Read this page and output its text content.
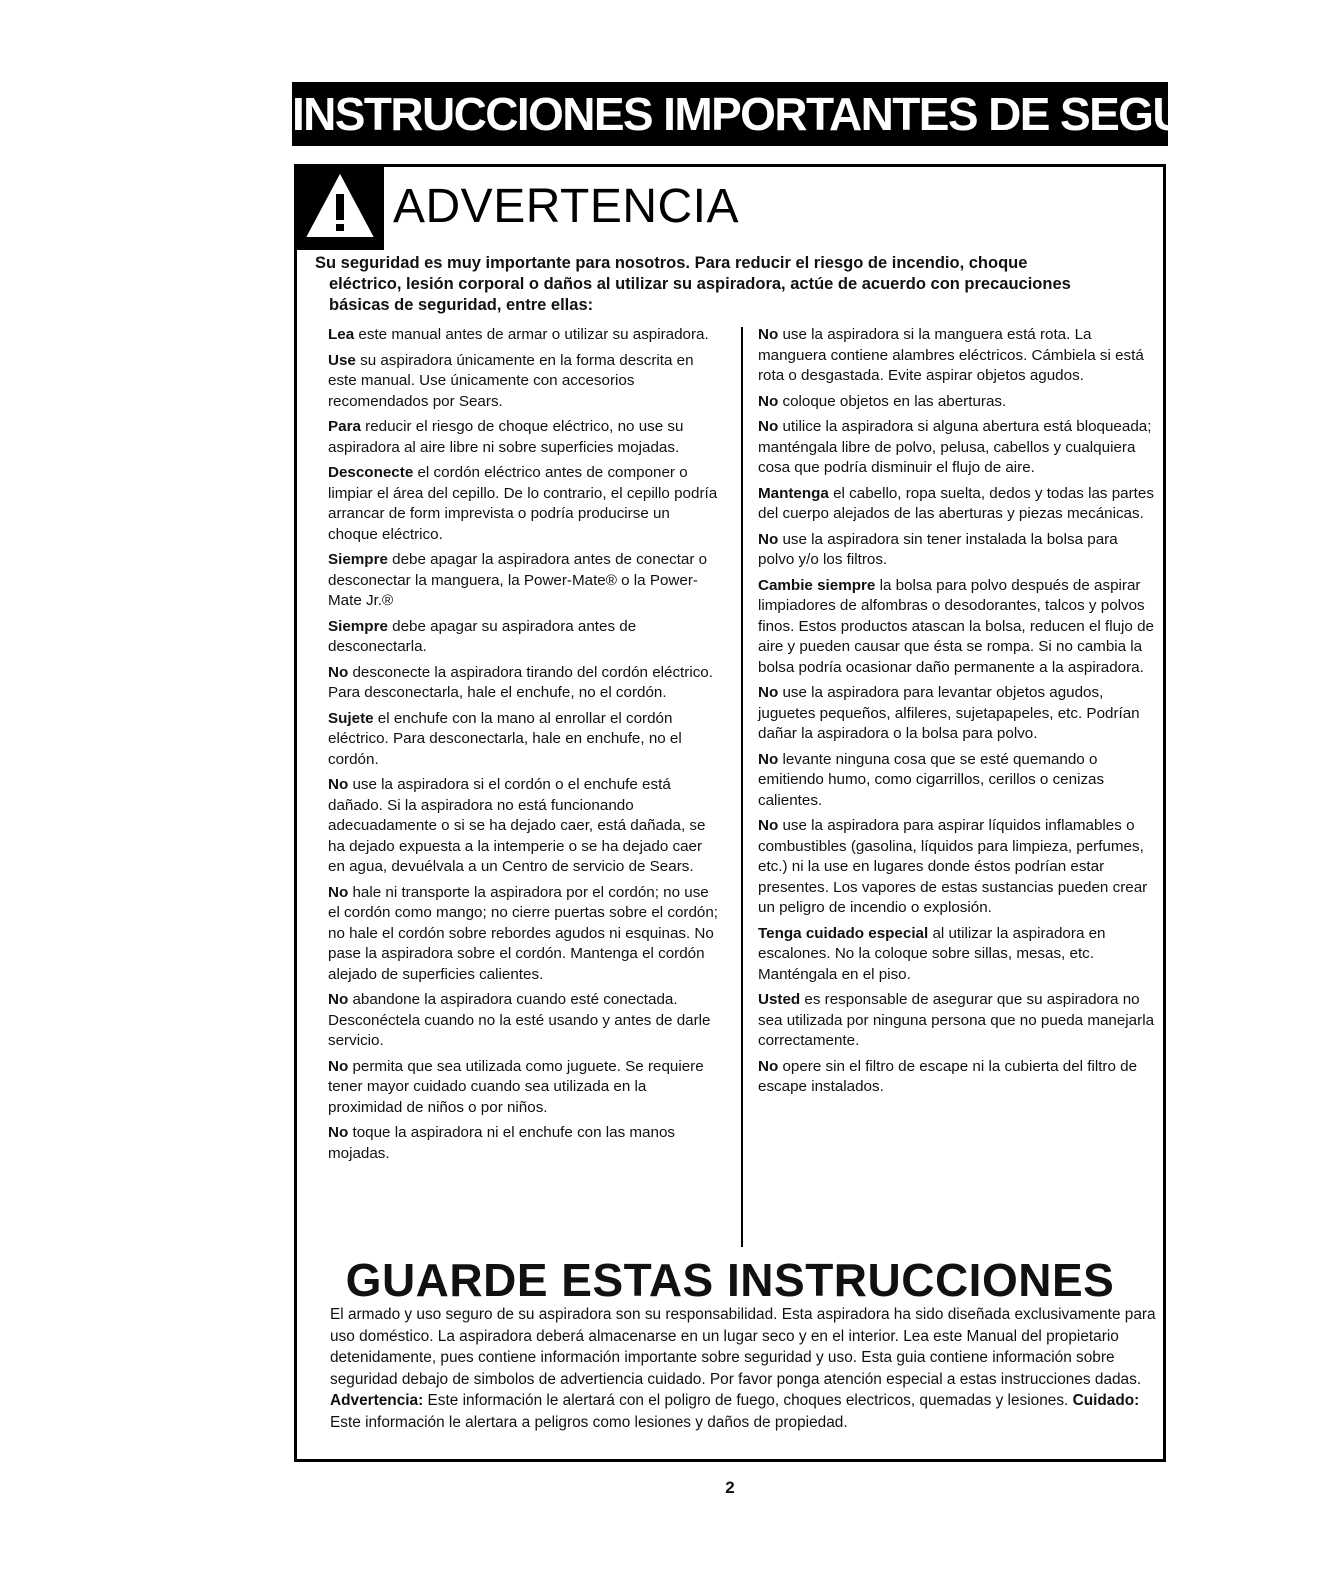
INSTRUCCIONES IMPORTANTES DE SEGURIDAD
ADVERTENCIA

Su seguridad es muy importante para nosotros. Para reducir el riesgo de incendio, choque

eléctrico, lesión corporal o daños al utilizar su aspiradora, actúe de acuerdo con precauciones

básicas de seguridad, entre ellas:

Lea este manual antes de armar o utilizar su aspiradora.

Use su aspiradora únicamente en la forma descrita en este manual. Use únicamente con accesorios recomendados por Sears.

Para reducir el riesgo de choque eléctrico, no use su aspiradora al aire libre ni sobre superficies mojadas.

Desconecte el cordón eléctrico antes de componer o limpiar el área del cepillo. De lo contrario, el cepillo podría arrancar de form imprevista o podría producirse un choque eléctrico.

Siempre debe apagar la aspiradora antes de conectar o desconectar la manguera, la Power-Mate® o la Power-Mate Jr.®

Siempre debe apagar su aspiradora antes de desconectarla.

No desconecte la aspiradora tirando del cordón eléctrico. Para desconectarla, hale el enchufe, no el cordón.

Sujete el enchufe con la mano al enrollar el cordón eléctrico. Para desconectarla, hale en enchufe, no el cordón.

No use la aspiradora si el cordón o el enchufe está dañado. Si la aspiradora no está funcionando adecuadamente o si se ha dejado caer, está dañada, se ha dejado expuesta a la intemperie o se ha dejado caer en agua, devuélvala a un Centro de servicio de Sears.

No hale ni transporte la aspiradora por el cordón; no use el cordón como mango; no cierre puertas sobre el cordón; no hale el cordón sobre rebordes agudos ni esquinas. No pase la aspiradora sobre el cordón. Mantenga el cordón alejado de superficies calientes.

No abandone la aspiradora cuando esté conectada. Desconéctela cuando no la esté usando y antes de darle servicio.

No permita que sea utilizada como juguete. Se requiere tener mayor cuidado cuando sea utilizada en la proximidad de niños o por niños.

No toque la aspiradora ni el enchufe con las manos mojadas.

No use la aspiradora si la manguera está rota. La manguera contiene alambres eléctricos. Cámbiela si está rota o desgastada. Evite aspirar objetos agudos.

No coloque objetos en las aberturas.

No utilice la aspiradora si alguna abertura está bloqueada; manténgala libre de polvo, pelusa, cabellos y cualquiera cosa que podría disminuir el flujo de aire.

Mantenga el cabello, ropa suelta, dedos y todas las partes del cuerpo alejados de las aberturas y piezas mecánicas.

No use la aspiradora sin tener instalada la bolsa para polvo y/o los filtros.

Cambie siempre la bolsa para polvo después de aspirar limpiadores de alfombras o desodorantes, talcos y polvos finos. Estos productos atascan la bolsa, reducen el flujo de aire y pueden causar que ésta se rompa. Si no cambia la bolsa podría ocasionar daño permanente a la aspiradora.

No use la aspiradora para levantar objetos agudos, juguetes pequeños, alfileres, sujetapapeles, etc. Podrían dañar la aspiradora o la bolsa para polvo.

No levante ninguna cosa que se esté quemando o emitiendo humo, como cigarrillos, cerillos o cenizas calientes.

No use la aspiradora para aspirar líquidos inflamables o combustibles (gasolina, líquidos para limpieza, perfumes, etc.) ni la use en lugares donde éstos podrían estar presentes. Los vapores de estas sustancias pueden crear un peligro de incendio o explosión.

Tenga cuidado especial al utilizar la aspiradora en escalones. No la coloque sobre sillas, mesas, etc. Manténgala en el piso.

Usted es responsable de asegurar que su aspiradora no sea utilizada por ninguna persona que no pueda manejarla correctamente.

No opere sin el filtro de escape ni la cubierta del filtro de escape instalados.

GUARDE ESTAS INSTRUCCIONES
El armado y uso seguro de su aspiradora son su responsabilidad. Esta aspiradora ha sido diseñada exclusivamente para uso doméstico. La aspiradora deberá almacenarse en un lugar seco y en el interior. Lea este Manual del propietario detenidamente, pues contiene información importante sobre seguridad y uso. Esta guia contiene información sobre seguridad debajo de simbolos de advertiencia cuidado. Por favor ponga atención especial a estas instrucciones dadas. Advertencia: Este información le alertará con el poligro de fuego, choques electricos, quemadas y lesiones. Cuidado: Este información le alertara a peligros como lesiones y daños de propiedad.
2
